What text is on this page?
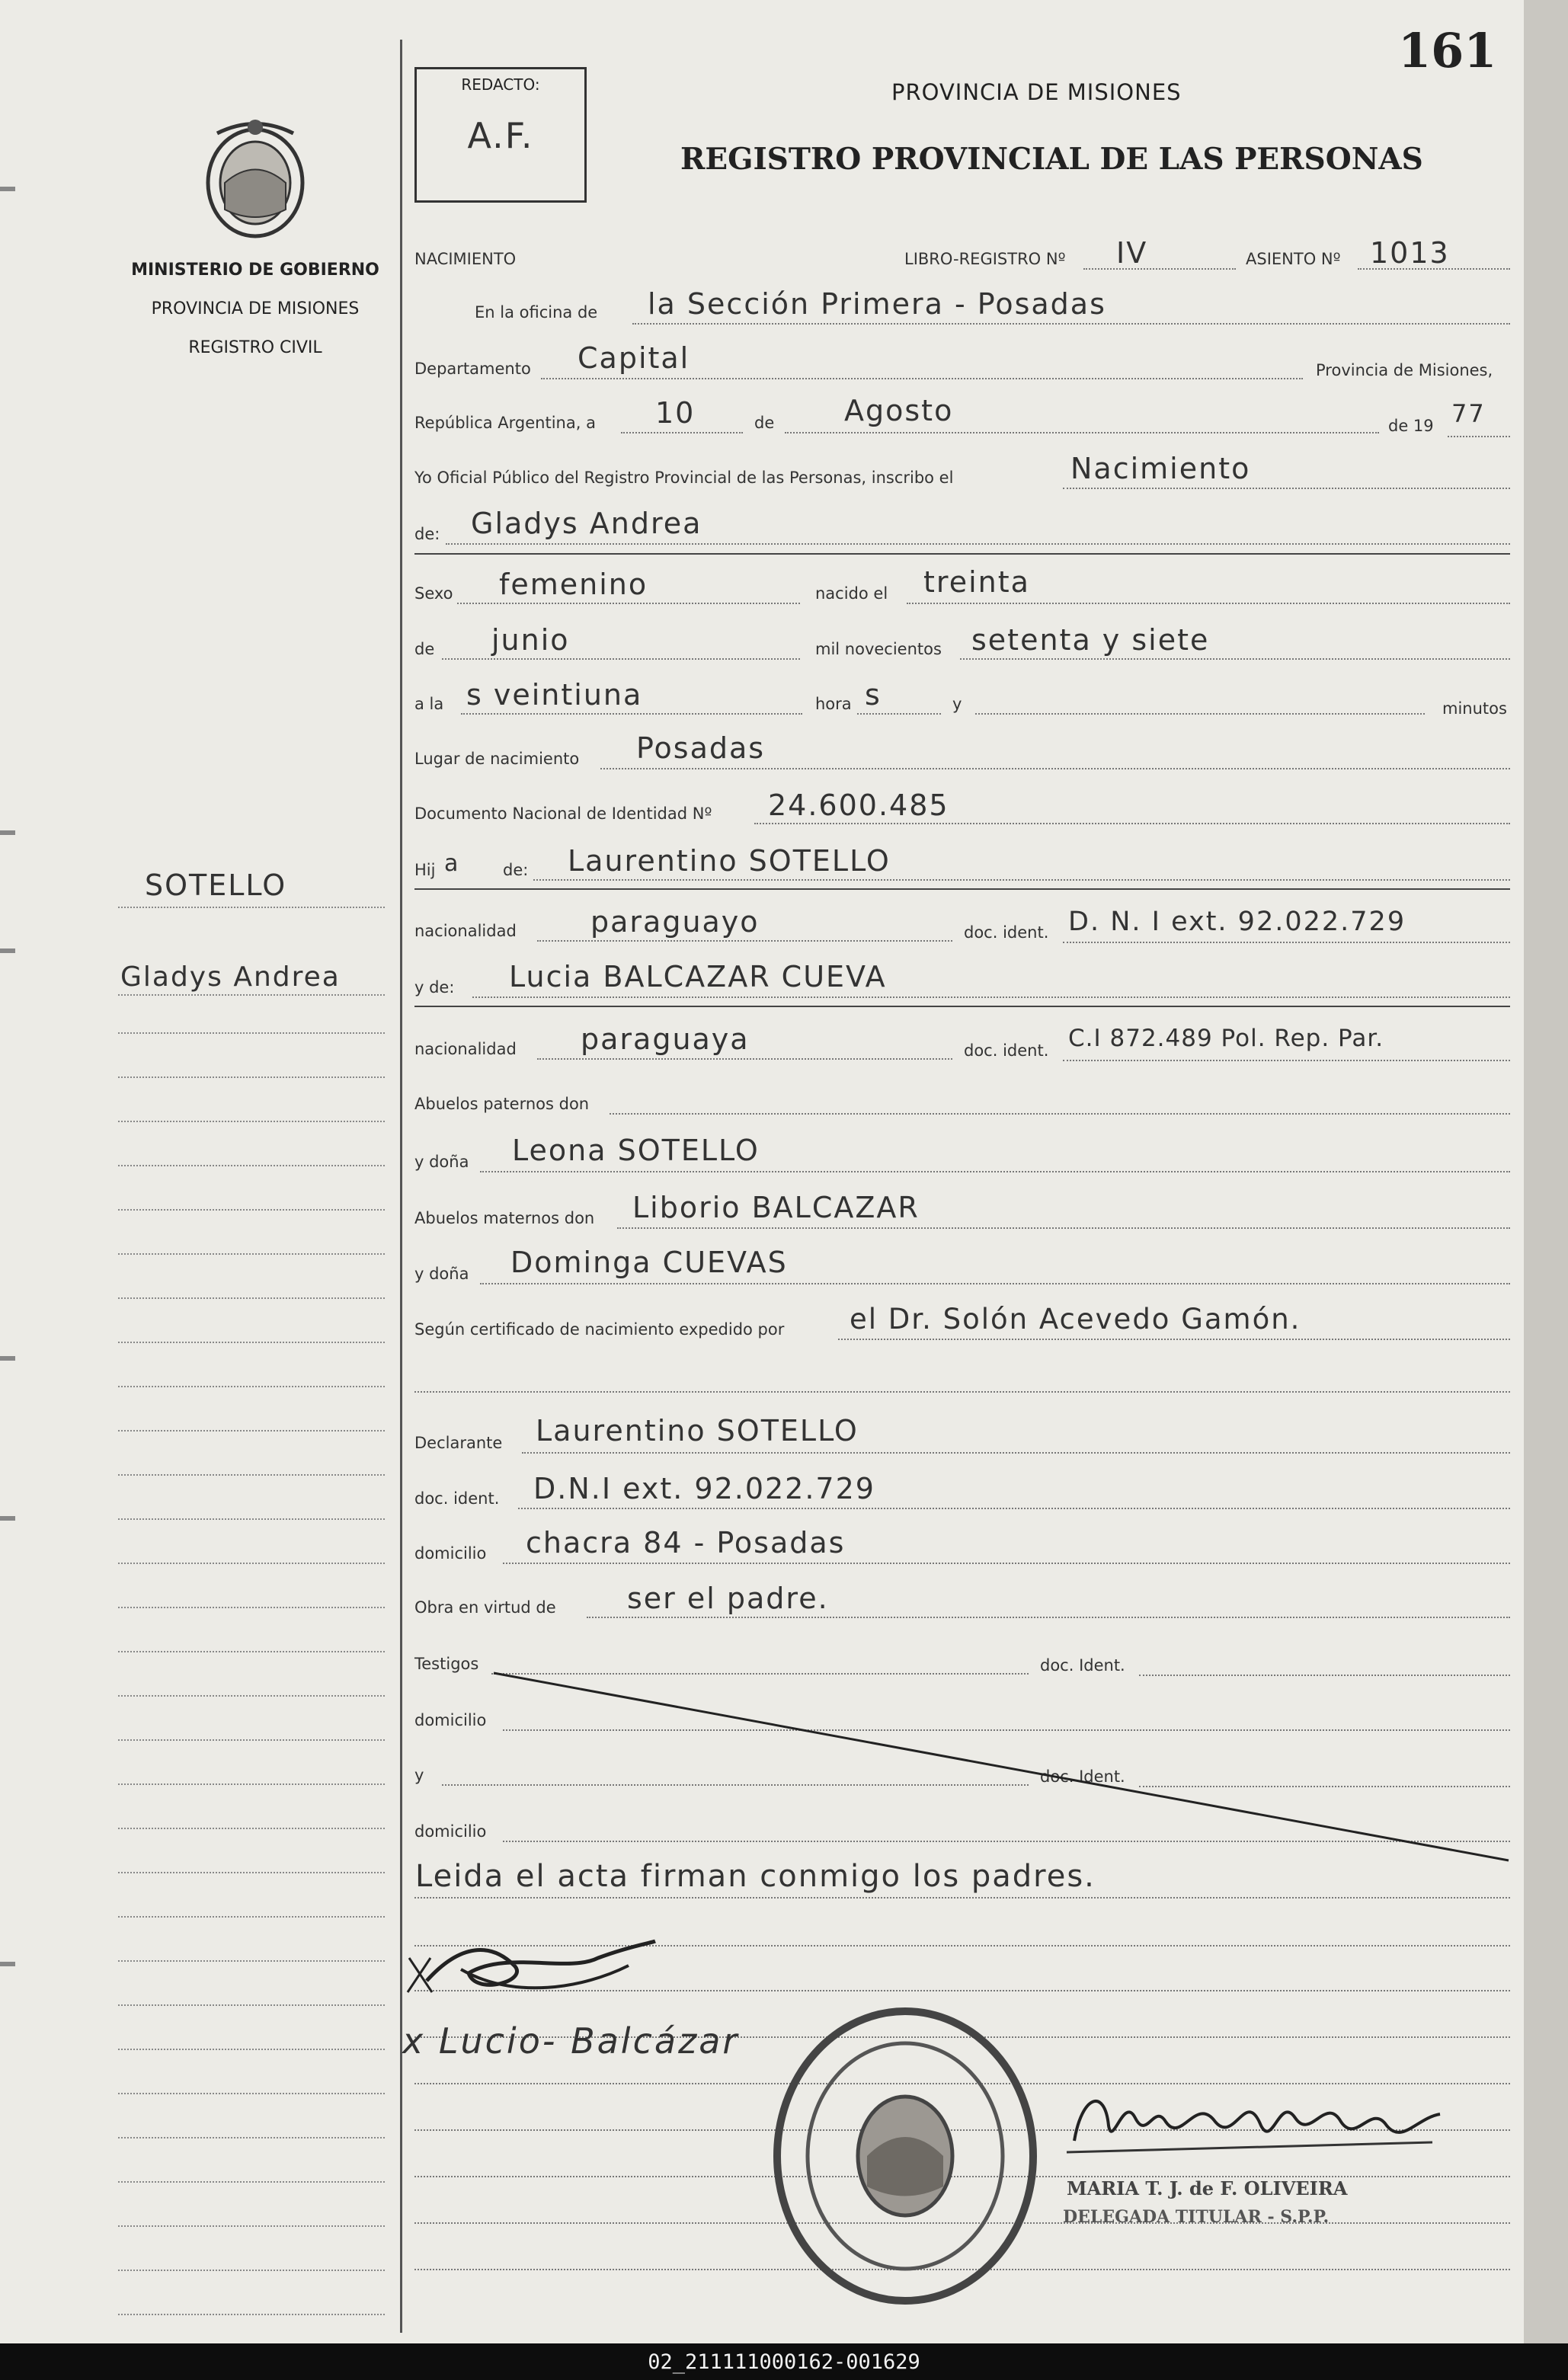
161
REDACTO:
A.F.
PROVINCIA DE MISIONES
REGISTRO PROVINCIAL DE LAS PERSONAS
MINISTERIO DE GOBIERNO
PROVINCIA DE MISIONES
REGISTRO CIVIL
SOTELLO
Gladys Andrea
NACIMIENTO	LIBRO-REGISTRO Nº IV	ASIENTO Nº 1013
En la oficina de la Sección Primera - Posadas
Departamento Capital	Provincia de Misiones,
República Argentina, a 10	de Agosto	de 19 77
Yo Oficial Público del Registro Provincial de las Personas, inscribo el	Nacimiento
de: Gladys Andrea
Sexo femenino	nacido el treinta
de junio	mil novecientos setenta y siete
a la s veintiuna	hora s	y	minutos
Lugar de nacimiento Posadas
Documento Nacional de Identidad Nº 24.600.485
Hij a	de: Laurentino SOTELLO
nacionalidad	paraguayo	doc. ident. D. N. I ext. 92.022.729
y de: Lucia BALCAZAR CUEVA
nacionalidad paraguaya	doc. ident. C.I 872.489 Pol. Rep. Par.
Abuelos paternos don
y doña Leona SOTELLO
Abuelos maternos don Liborio BALCAZAR
y doña Dominga CUEVAS
Según certificado de nacimiento expedido por el Dr. Solón Acevedo Gamón.
Declarante Laurentino SOTELLO
doc. ident. D.N.I ext. 92.022.729
domicilio chacra 84 - Posadas
Obra en virtud de ser el padre.
Testigos	doc. Ident.
domicilio
y	doc. Ident.
domicilio
Leida el acta firman conmigo los padres.
x Lucio- Balcázar
MARIA T. J. de F. OLIVEIRA
DELEGADA TITULAR - S.P.P.
02_211111000162-001629
